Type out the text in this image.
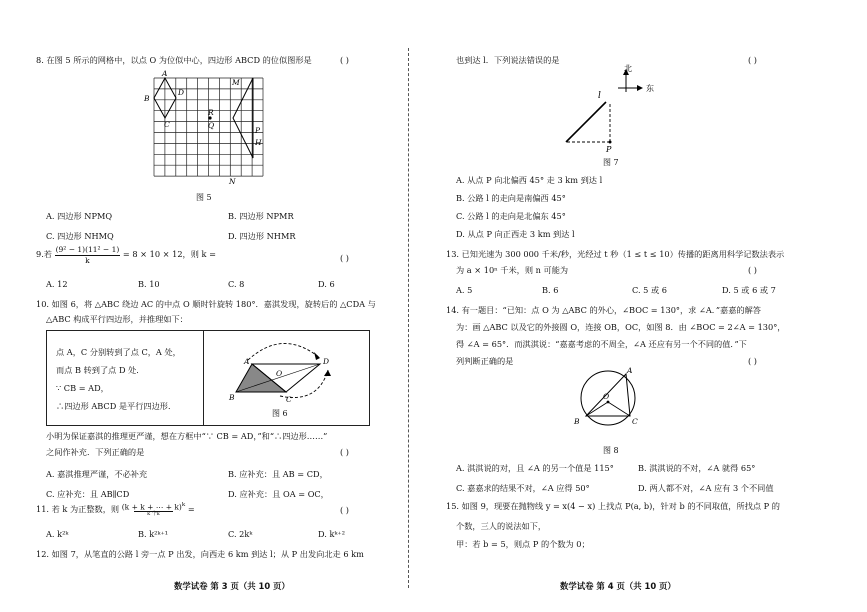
8. 在图 5 所示的网格中，以点 O 为位似中心，四边形 ABCD 的位似图形是	( )
A
B
C
D
M
R
Q
P
H
N
图 5
A. 四边形 NPMQ	B. 四边形 NPMR
C. 四边形 NHMQ	D. 四边形 NHMR
9.若 $\frac{\text{(9² − 1)(11² − 1)}}{k} = 8 \times 10 \times 12$，则 k =	( )
A. 12	B. 10	C. 8	D. 6
10. 如图 6，将 △ABC 绕边 AC 的中点 O 顺时针旋转 180°．嘉淇发现，旋转后的 △CDA 与
△ABC 构成平行四边形，并推理如下：
点 A，C 分别转到了点 C，A 处，
而点 B 转到了点 D 处．
∵ CB = AD，
∴四边形 ABCD 是平行四边形．
A
B	C
D
O
图 6
小明为保证嘉淇的推理更严谨，想在方框中“∵ CB = AD，”和“∴四边形……”
之间作补充．下列正确的是	( )
A. 嘉淇推理严谨，不必补充	B. 应补充：且 AB = CD，
C. 应补充：且 AB∥CD	D. 应补充：且 OA = OC，
11. 若 k 为正整数，则 (k + k + ⋯ + k)$^k$
k 个k	=	( )
A. k²ᵏ	B. k²ᵏ⁺¹	C. 2kᵏ	D. kᵏ⁺²
12. 如图 7，从笔直的公路 l 旁一点 P 出发，向西走 6 km 到达 l；从 P 出发向北走 6 km
数学试卷 第 3 页（共 10 页）
也到达 l．下列说法错误的是	( )
北
东
l
P
图 7
A. 从点 P 向北偏西 45° 走 3 km 到达 l
B. 公路 l 的走向是南偏西 45°
C. 公路 l 的走向是北偏东 45°
D. 从点 P 向正西走 3 km 到达 l
13. 已知光速为 300 000 千米/秒，光经过 t 秒（1 ≤ t ≤ 10）传播的距离用科学记数法表示
为 a × 10ⁿ 千米，则 n 可能为	( )
A. 5	B. 6	C. 5 或 6	D. 5 或 6 或 7
14. 有一题目：“已知：点 O 为 △ABC 的外心，∠BOC = 130°，求 ∠A．”嘉嘉的解答
为：画 △ABC 以及它的外接圆 O，连接 OB，OC，如图 8．由 ∠BOC = 2∠A = 130°，
得 ∠A = 65°．而淇淇说：“嘉嘉考虑的不周全，∠A 还应有另一个不同的值．”下
列判断正确的是	( )
A
B	C
O
图 8
A. 淇淇说的对，且 ∠A 的另一个值是 115°	B. 淇淇说的不对，∠A 就得 65°
C. 嘉嘉求的结果不对，∠A 应得 50°	D. 两人都不对，∠A 应有 3 个不同值
15. 如图 9，现要在抛物线 y = x(4 − x) 上找点 P(a, b)，针对 b 的不同取值，所找点 P 的
个数，三人的说法如下，
甲：若 b = 5，则点 P 的个数为 0；
数学试卷 第 4 页（共 10 页）
